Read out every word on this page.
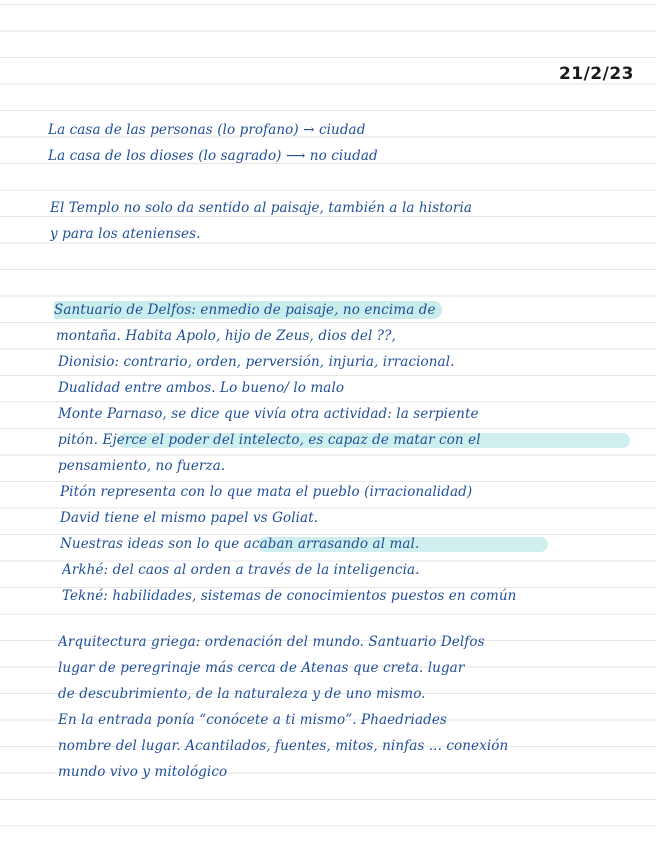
21/2/23
La casa de las personas (lo profano) → ciudad
La casa de los dioses (lo sagrado) ⟶ no ciudad
El Templo no solo da sentido al paisaje, también a la historia
y para los atenienses.
Santuario de Delfos: enmedio de paisaje, no encima de
montaña. Habita Apolo, hijo de Zeus, dios del ??,
Dionisio: contrario, orden, perversión, injuria, irracional.
Dualidad entre ambos. Lo bueno/ lo malo
Monte Parnaso, se dice que vivía otra actividad: la serpiente
pitón. Ejerce el poder del intelecto, es capaz de matar con el
pensamiento, no fuerza.
Pitón representa con lo que mata el pueblo (irracionalidad)
David tiene el mismo papel vs Goliat.
Nuestras ideas son lo que acaban arrasando al mal.
Arkhé: del caos al orden a través de la inteligencia.
Tekné: habilidades, sistemas de conocimientos puestos en común
Arquitectura griega: ordenación del mundo. Santuario Delfos
lugar de peregrinaje más cerca de Atenas que creta. lugar
de descubrimiento, de la naturaleza y de uno mismo.
En la entrada ponía “conócete a ti mismo”. Phaedriades
nombre del lugar. Acantilados, fuentes, mitos, ninfas ... conexión
mundo vivo y mitológico
